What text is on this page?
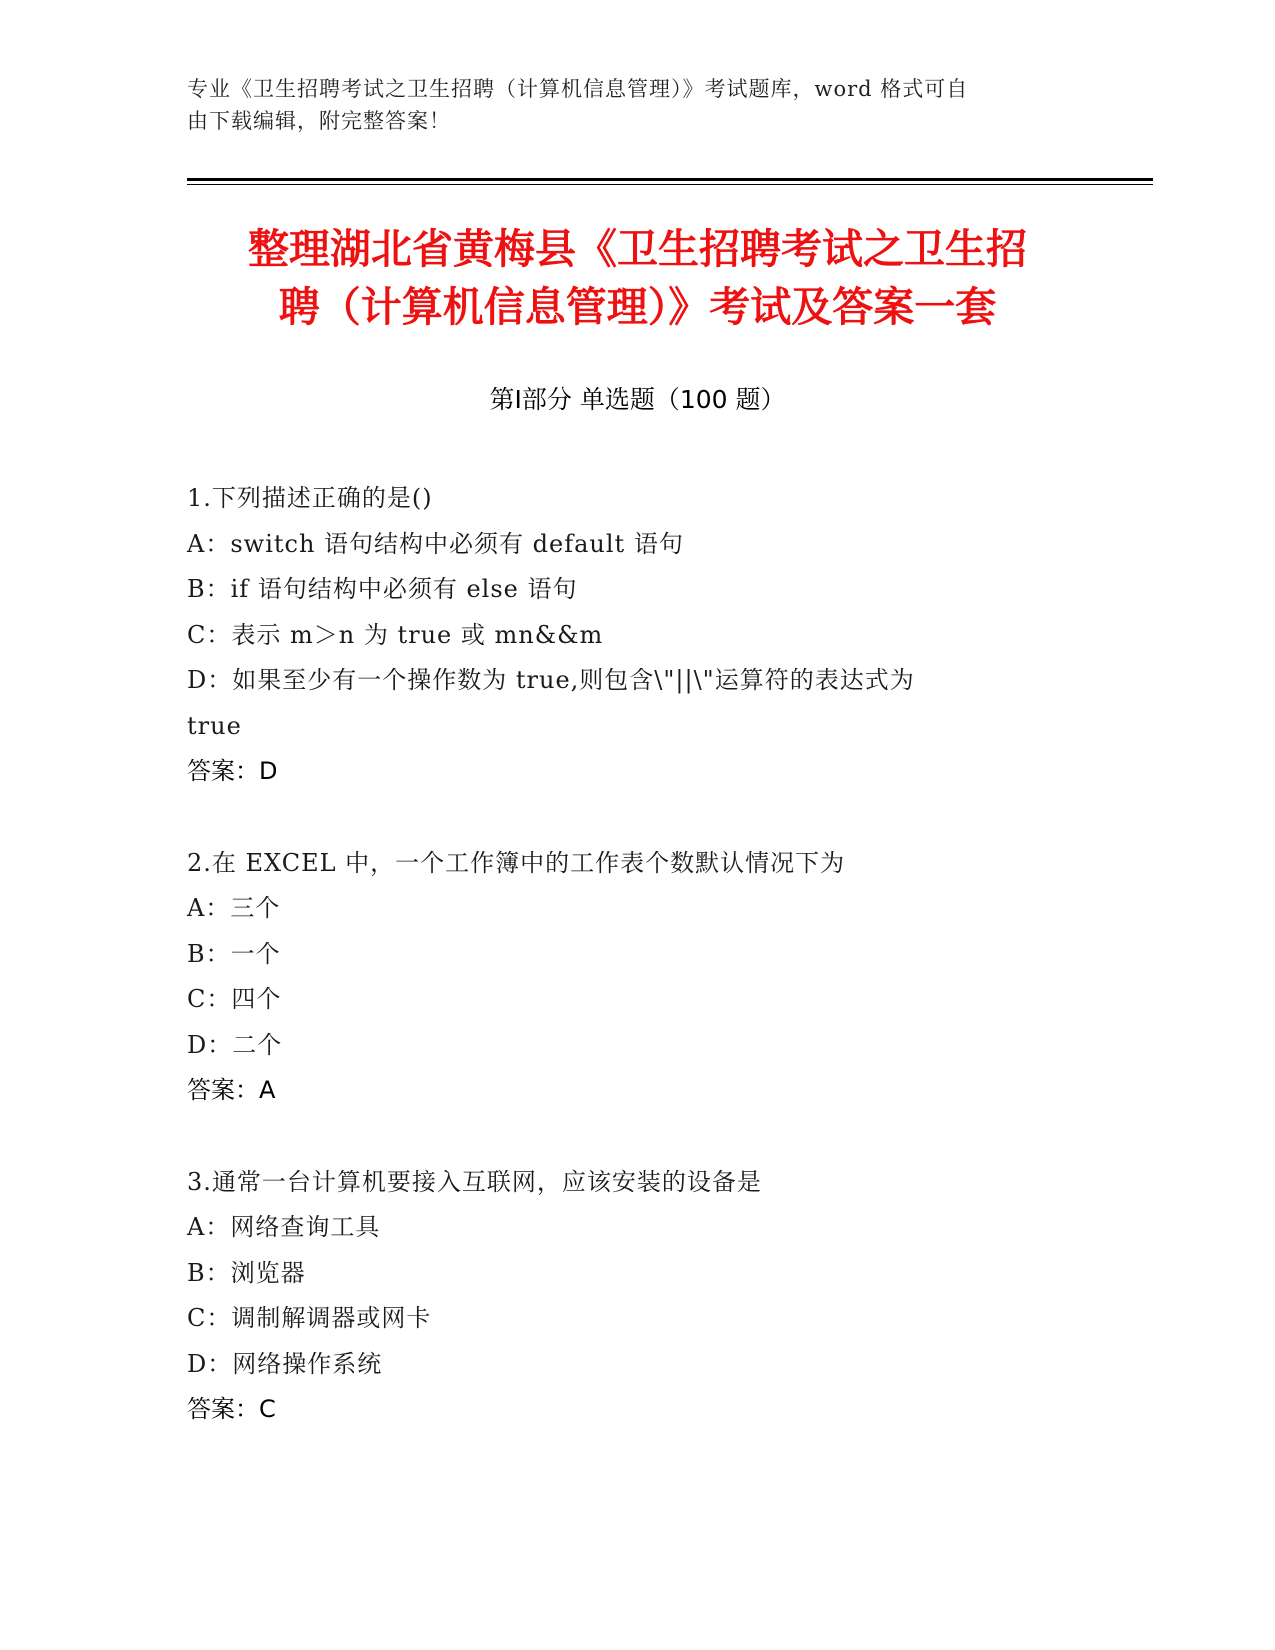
专业《卫生招聘考试之卫生招聘（计算机信息管理）》考试题库，word 格式可自
由下载编辑，附完整答案！
整理湖北省黄梅县《卫生招聘考试之卫生招
聘（计算机信息管理）》考试及答案一套
第Ⅰ部分 单选题（100 题）
1.下列描述正确的是()
A：switch 语句结构中必须有 default 语句
B：if 语句结构中必须有 else 语句
C：表示 m＞n 为 true 或 mn&&m
D：如果至少有一个操作数为 true,则包含\"||\"运算符的表达式为
true
答案：D
2.在 EXCEL 中，一个工作簿中的工作表个数默认情况下为
A：三个
B：一个
C：四个
D：二个
答案：A
3.通常一台计算机要接入互联网，应该安装的设备是
A：网络查询工具
B：浏览器
C：调制解调器或网卡
D：网络操作系统
答案：C
